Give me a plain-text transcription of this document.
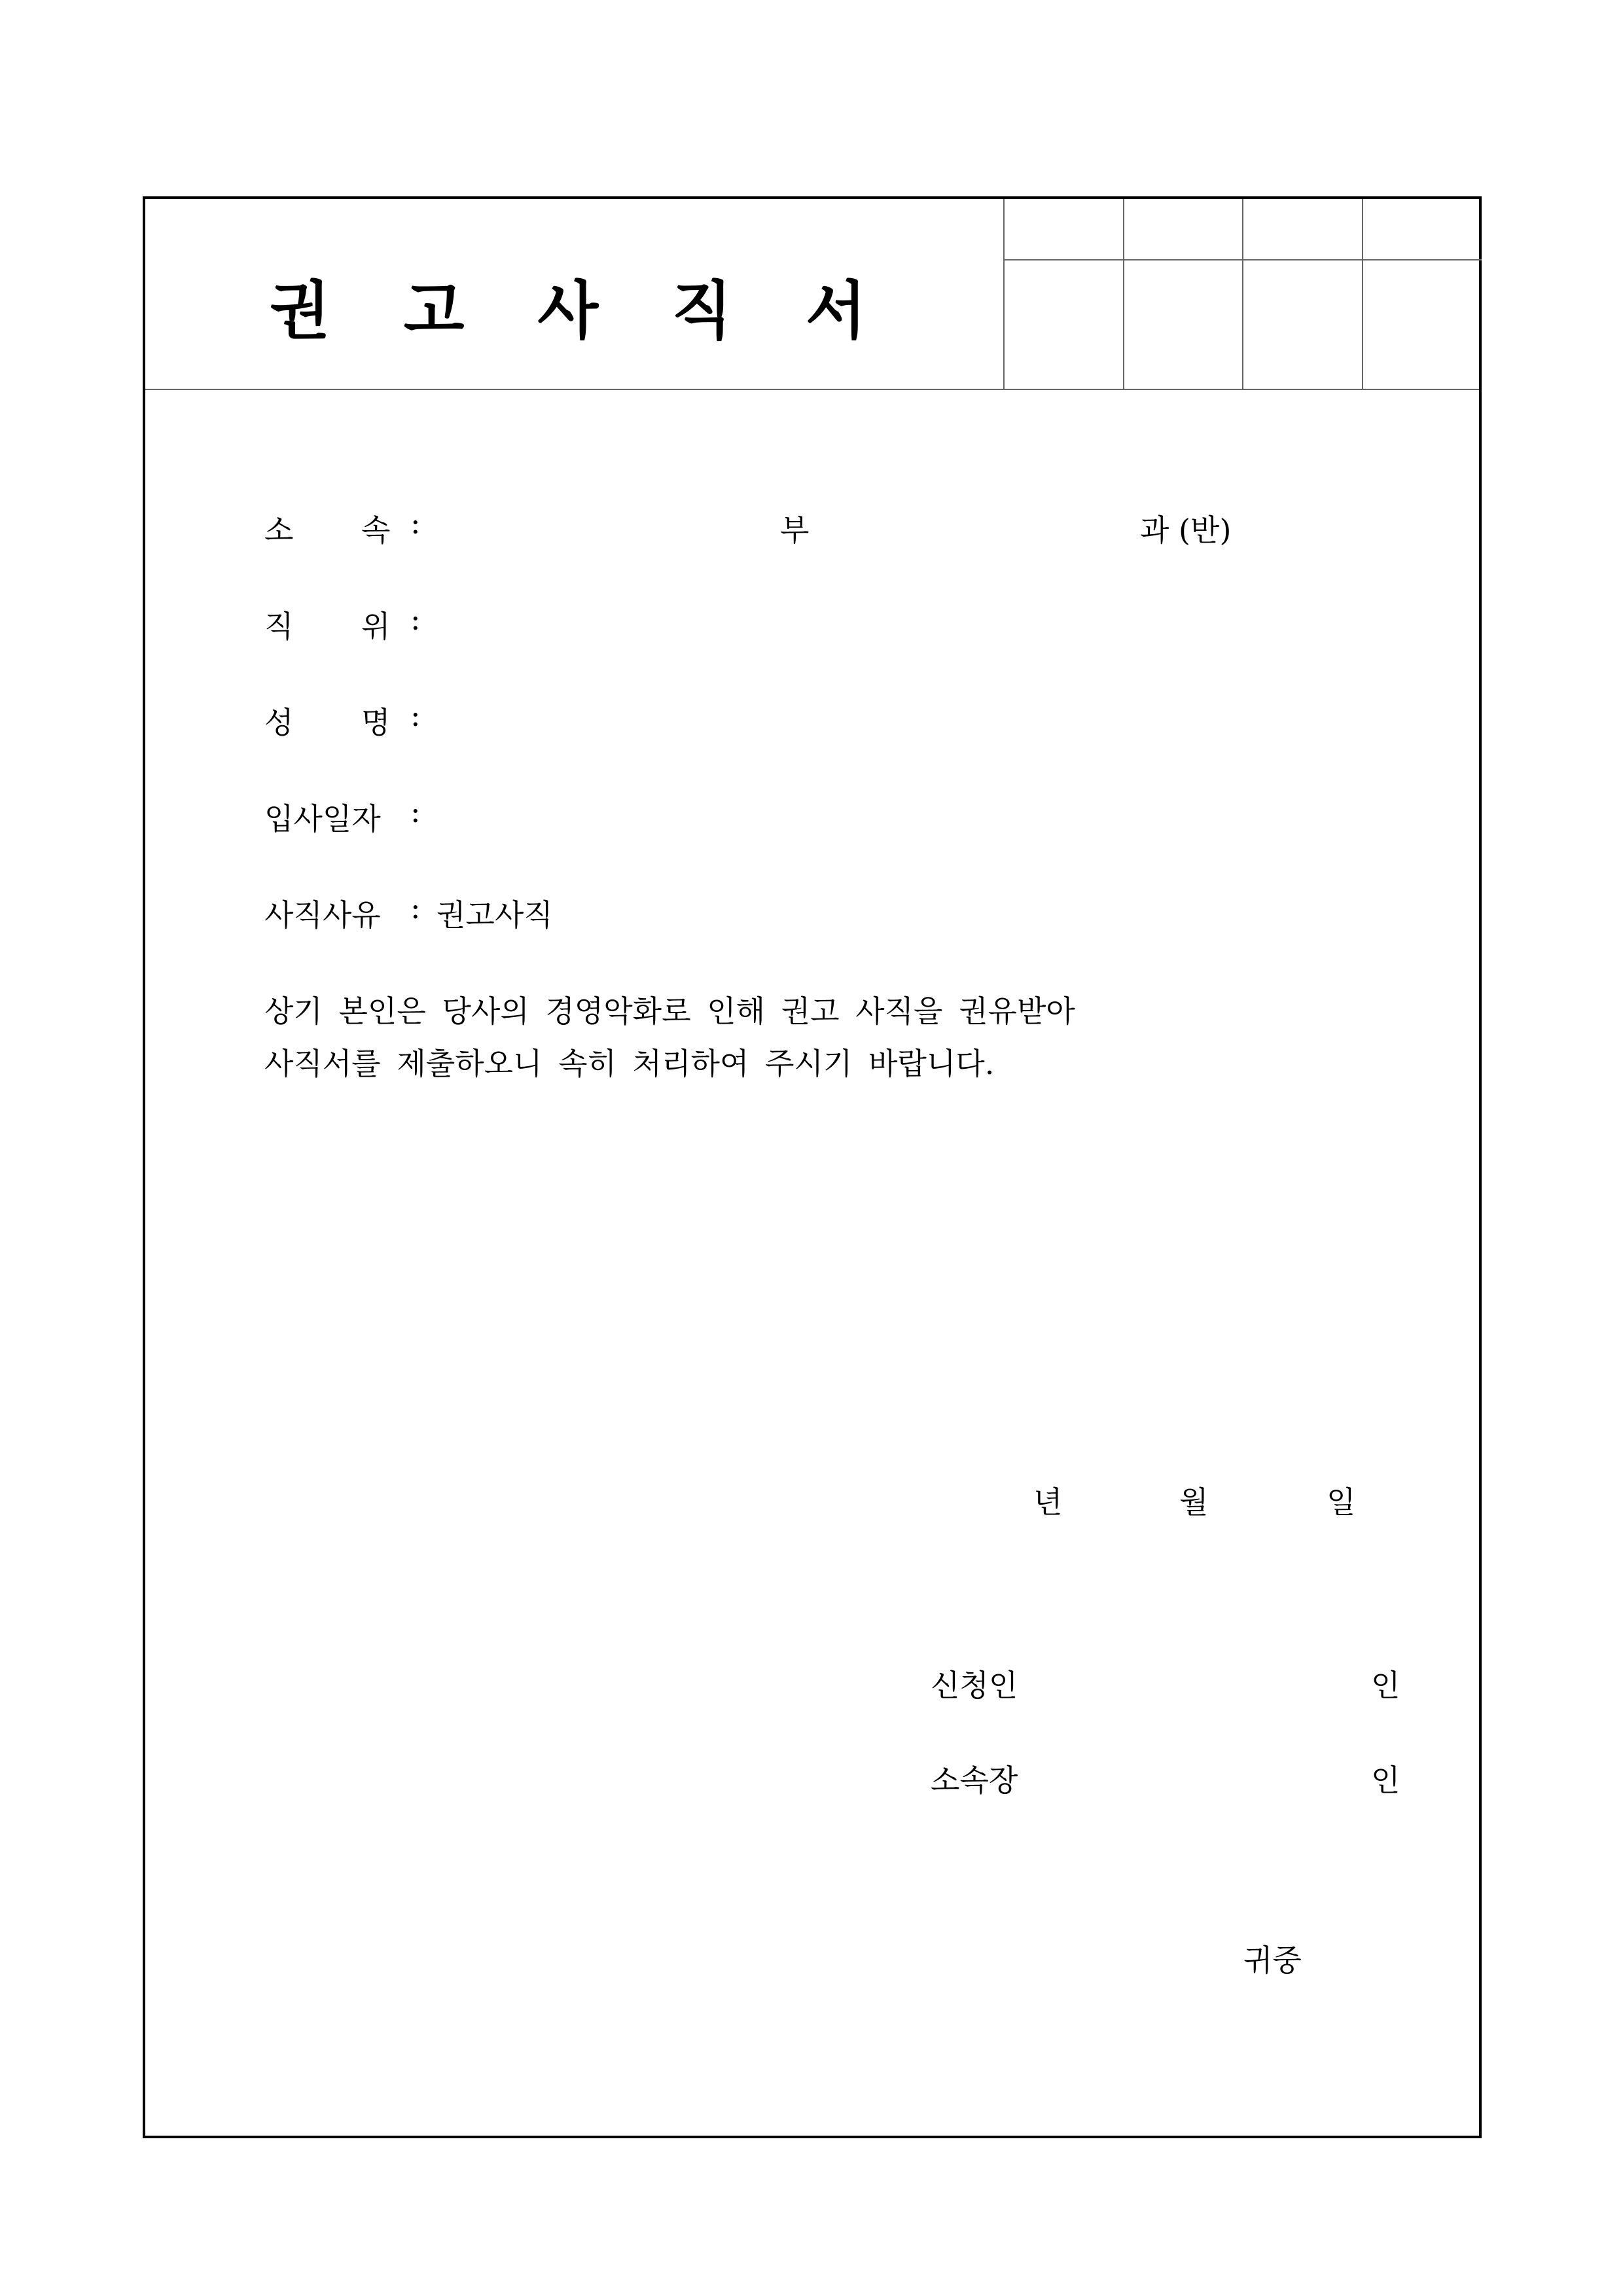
권 고 사 직 서

소 속 :	부	과 (반)
직 위 :
성 명 :
입사일자 :
사직사유 : 권고사직
상기 본인은 당사의 경영악화로 인해 권고 사직을 권유받아
사직서를 제출하오니 속히 처리하여 주시기 바랍니다.
년	월	일
신청인	인
소속장	인
귀중
